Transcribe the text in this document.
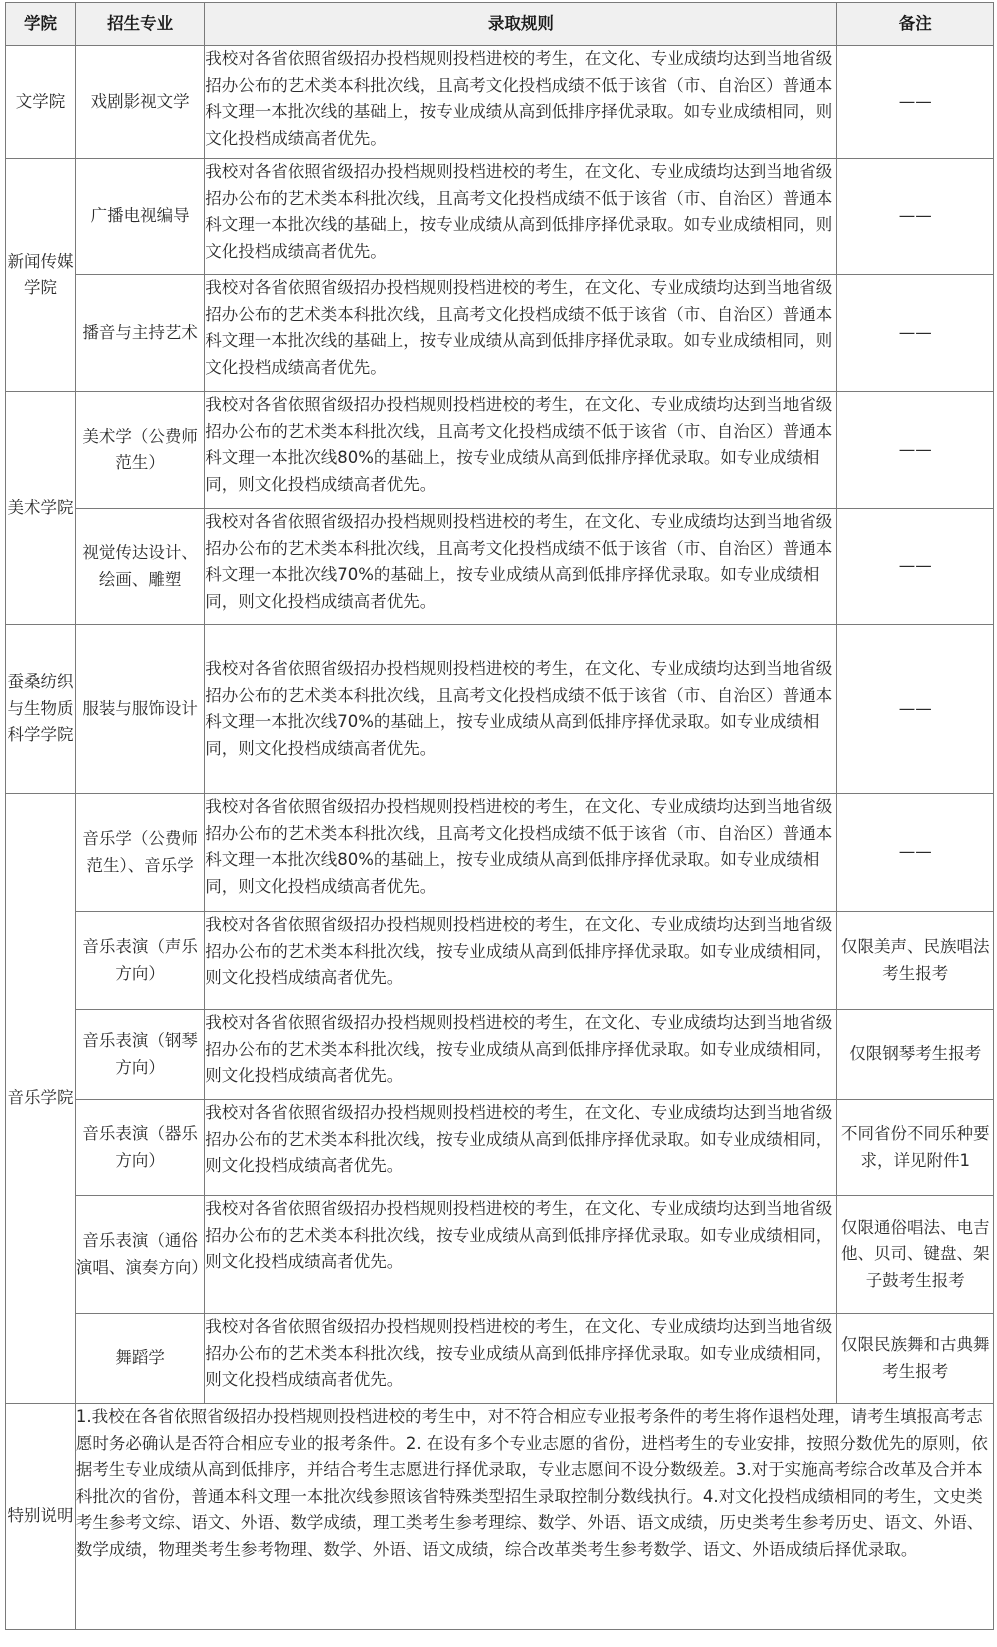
学院	招生专业	录取规则	备注
文学院	戏剧影视文学	我校对各省依照省级招办投档规则投档进校的考生，在文化、专业成绩均达到当地省级招办公布的艺术类本科批次线，且高考文化投档成绩不低于该省（市、自治区）普通本科文理一本批次线的基础上，按专业成绩从高到低排序择优录取。如专业成绩相同，则文化投档成绩高者优先。	——
新闻传媒学院	广播电视编导	我校对各省依照省级招办投档规则投档进校的考生，在文化、专业成绩均达到当地省级招办公布的艺术类本科批次线，且高考文化投档成绩不低于该省（市、自治区）普通本科文理一本批次线的基础上，按专业成绩从高到低排序择优录取。如专业成绩相同，则文化投档成绩高者优先。	——
	播音与主持艺术	我校对各省依照省级招办投档规则投档进校的考生，在文化、专业成绩均达到当地省级招办公布的艺术类本科批次线，且高考文化投档成绩不低于该省（市、自治区）普通本科文理一本批次线的基础上，按专业成绩从高到低排序择优录取。如专业成绩相同，则文化投档成绩高者优先。	——
美术学院	美术学（公费师范生）	我校对各省依照省级招办投档规则投档进校的考生，在文化、专业成绩均达到当地省级招办公布的艺术类本科批次线，且高考文化投档成绩不低于该省（市、自治区）普通本科文理一本批次线80%的基础上，按专业成绩从高到低排序择优录取。如专业成绩相同，则文化投档成绩高者优先。	——
	视觉传达设计、绘画、雕塑	我校对各省依照省级招办投档规则投档进校的考生，在文化、专业成绩均达到当地省级招办公布的艺术类本科批次线，且高考文化投档成绩不低于该省（市、自治区）普通本科文理一本批次线70%的基础上，按专业成绩从高到低排序择优录取。如专业成绩相同，则文化投档成绩高者优先。	——
蚕桑纺织与生物质科学学院	服装与服饰设计	我校对各省依照省级招办投档规则投档进校的考生，在文化、专业成绩均达到当地省级招办公布的艺术类本科批次线，且高考文化投档成绩不低于该省（市、自治区）普通本科文理一本批次线70%的基础上，按专业成绩从高到低排序择优录取。如专业成绩相同，则文化投档成绩高者优先。	——
音乐学院	音乐学（公费师范生）、音乐学	我校对各省依照省级招办投档规则投档进校的考生，在文化、专业成绩均达到当地省级招办公布的艺术类本科批次线，且高考文化投档成绩不低于该省（市、自治区）普通本科文理一本批次线80%的基础上，按专业成绩从高到低排序择优录取。如专业成绩相同，则文化投档成绩高者优先。	——
	音乐表演（声乐方向）	我校对各省依照省级招办投档规则投档进校的考生，在文化、专业成绩均达到当地省级招办公布的艺术类本科批次线，按专业成绩从高到低排序择优录取。如专业成绩相同，则文化投档成绩高者优先。	仅限美声、民族唱法考生报考
	音乐表演（钢琴方向）	我校对各省依照省级招办投档规则投档进校的考生，在文化、专业成绩均达到当地省级招办公布的艺术类本科批次线，按专业成绩从高到低排序择优录取。如专业成绩相同，则文化投档成绩高者优先。	仅限钢琴考生报考
	音乐表演（器乐方向）	我校对各省依照省级招办投档规则投档进校的考生，在文化、专业成绩均达到当地省级招办公布的艺术类本科批次线，按专业成绩从高到低排序择优录取。如专业成绩相同，则文化投档成绩高者优先。	不同省份不同乐种要求，详见附件1
	音乐表演（通俗演唱、演奏方向）	我校对各省依照省级招办投档规则投档进校的考生，在文化、专业成绩均达到当地省级招办公布的艺术类本科批次线，按专业成绩从高到低排序择优录取。如专业成绩相同，则文化投档成绩高者优先。	仅限通俗唱法、电吉他、贝司、键盘、架子鼓考生报考
	舞蹈学	我校对各省依照省级招办投档规则投档进校的考生，在文化、专业成绩均达到当地省级招办公布的艺术类本科批次线，按专业成绩从高到低排序择优录取。如专业成绩相同，则文化投档成绩高者优先。	仅限民族舞和古典舞考生报考
特别说明	1.我校在各省依照省级招办投档规则投档进校的考生中，对不符合相应专业报考条件的考生将作退档处理，请考生填报高考志愿时务必确认是否符合相应专业的报考条件。2. 在设有多个专业志愿的省份，进档考生的专业安排，按照分数优先的原则，依据考生专业成绩从高到低排序，并结合考生志愿进行择优录取，专业志愿间不设分数级差。3.对于实施高考综合改革及合并本科批次的省份，普通本科文理一本批次线参照该省特殊类型招生录取控制分数线执行。4.对文化投档成绩相同的考生，文史类考生参考文综、语文、外语、数学成绩，理工类考生参考理综、数学、外语、语文成绩，历史类考生参考历史、语文、外语、数学成绩，物理类考生参考物理、数学、外语、语文成绩，综合改革类考生参考数学、语文、外语成绩后择优录取。		
